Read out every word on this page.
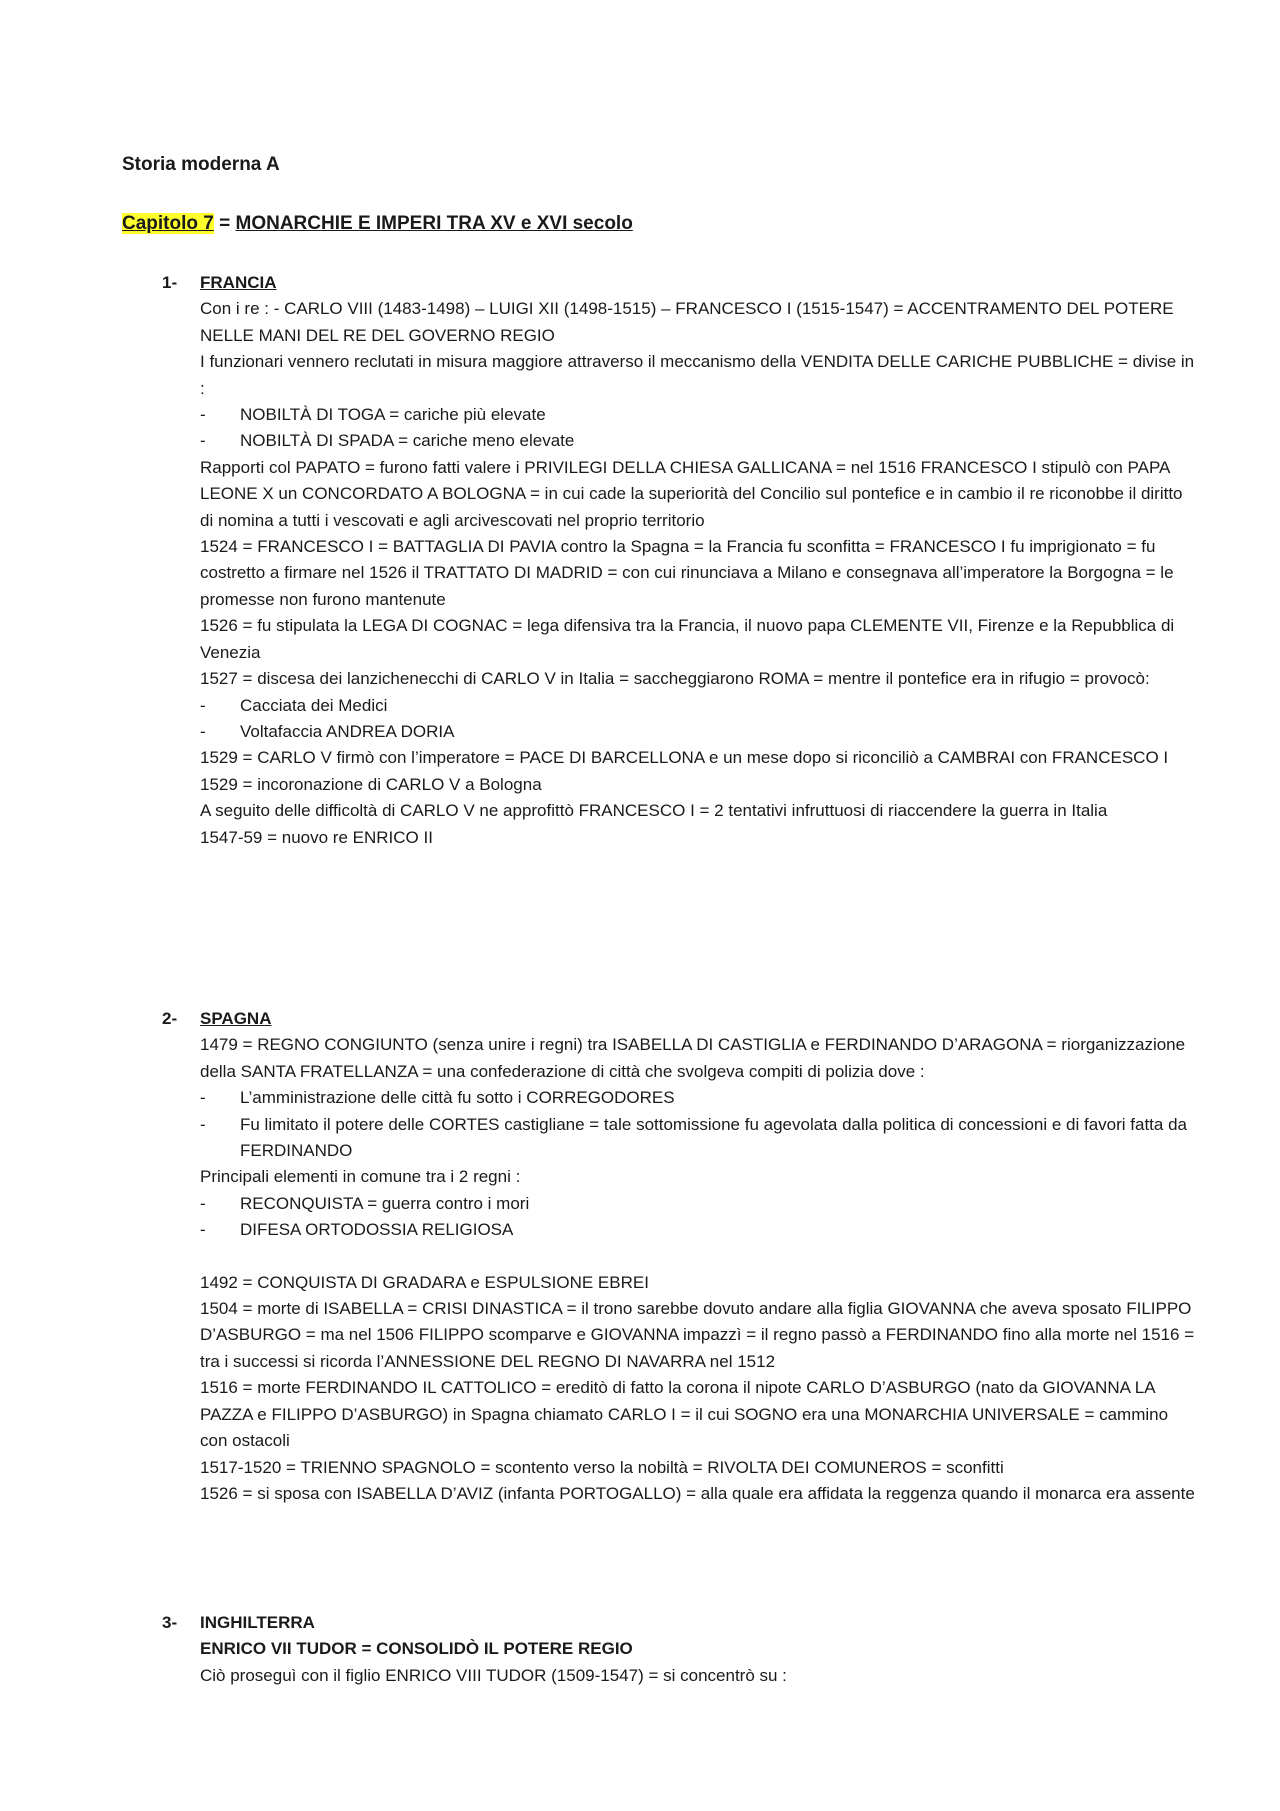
Storia moderna A
Capitolo 7 = MONARCHIE E IMPERI TRA XV e XVI secolo
1- FRANCIA

Con i re : - CARLO VIII (1483-1498) – LUIGI XII (1498-1515) – FRANCESCO I (1515-1547) = ACCENTRAMENTO DEL POTERE NELLE MANI DEL RE DEL GOVERNO REGIO

I funzionari vennero reclutati in misura maggiore attraverso il meccanismo della VENDITA DELLE CARICHE PUBBLICHE = divise in :

- NOBILTÀ DI TOGA = cariche più elevate

- NOBILTÀ DI SPADA = cariche meno elevate

Rapporti col PAPATO = furono fatti valere i PRIVILEGI DELLA CHIESA GALLICANA = nel 1516 FRANCESCO I stipulò con PAPA LEONE X un CONCORDATO A BOLOGNA = in cui cade la superiorità del Concilio sul pontefice e in cambio il re riconobbe il diritto di nomina a tutti i vescovati e agli arcivescovati nel proprio territorio

1524 = FRANCESCO I = BATTAGLIA DI PAVIA contro la Spagna = la Francia fu sconfitta = FRANCESCO I fu imprigionato = fu costretto a firmare nel 1526 il TRATTATO DI MADRID = con cui rinunciava a Milano e consegnava all’imperatore la Borgogna = le promesse non furono mantenute

1526 = fu stipulata la LEGA DI COGNAC = lega difensiva tra la Francia, il nuovo papa CLEMENTE VII, Firenze e la Repubblica di Venezia

1527 = discesa dei lanzichenecchi di CARLO V in Italia = saccheggiarono ROMA = mentre il pontefice era in rifugio = provocò:

- Cacciata dei Medici

- Voltafaccia ANDREA DORIA

1529 = CARLO V firmò con l’imperatore = PACE DI BARCELLONA e un mese dopo si riconciliò a CAMBRAI con FRANCESCO I

1529 = incoronazione di CARLO V a Bologna

A seguito delle difficoltà di CARLO V ne approfittò FRANCESCO I = 2 tentativi infruttuosi di riaccendere la guerra in Italia

1547-59 = nuovo re ENRICO II

2- SPAGNA

1479 = REGNO CONGIUNTO (senza unire i regni) tra ISABELLA DI CASTIGLIA e FERDINANDO D’ARAGONA = riorganizzazione della SANTA FRATELLANZA = una confederazione di città che svolgeva compiti di polizia dove :

- L’amministrazione delle città fu sotto i CORREGODORES

- Fu limitato il potere delle CORTES castigliane = tale sottomissione fu agevolata dalla politica di concessioni e di favori fatta da FERDINANDO

Principali elementi in comune tra i 2 regni :

- RECONQUISTA = guerra contro i mori

- DIFESA ORTODOSSIA RELIGIOSA

1492 = CONQUISTA DI GRADARA e ESPULSIONE EBREI

1504 = morte di ISABELLA = CRISI DINASTICA = il trono sarebbe dovuto andare alla figlia GIOVANNA che aveva sposato FILIPPO D’ASBURGO = ma nel 1506 FILIPPO scomparve e GIOVANNA impazzì = il regno passò a FERDINANDO fino alla morte nel 1516 = tra i successi si ricorda l’ANNESSIONE DEL REGNO DI NAVARRA nel 1512

1516 = morte FERDINANDO IL CATTOLICO = ereditò di fatto la corona il nipote CARLO D’ASBURGO (nato da GIOVANNA LA PAZZA e FILIPPO D’ASBURGO) in Spagna chiamato CARLO I = il cui SOGNO era una MONARCHIA UNIVERSALE = cammino con ostacoli

1517-1520 = TRIENNO SPAGNOLO = scontento verso la nobiltà = RIVOLTA DEI COMUNEROS = sconfitti

1526 = si sposa con ISABELLA D’AVIZ (infanta PORTOGALLO) = alla quale era affidata la reggenza quando il monarca era assente

3- INGHILTERRA

ENRICO VII TUDOR = CONSOLIDÒ IL POTERE REGIO

Ciò proseguì con il figlio ENRICO VIII TUDOR (1509-1547) = si concentrò su :
